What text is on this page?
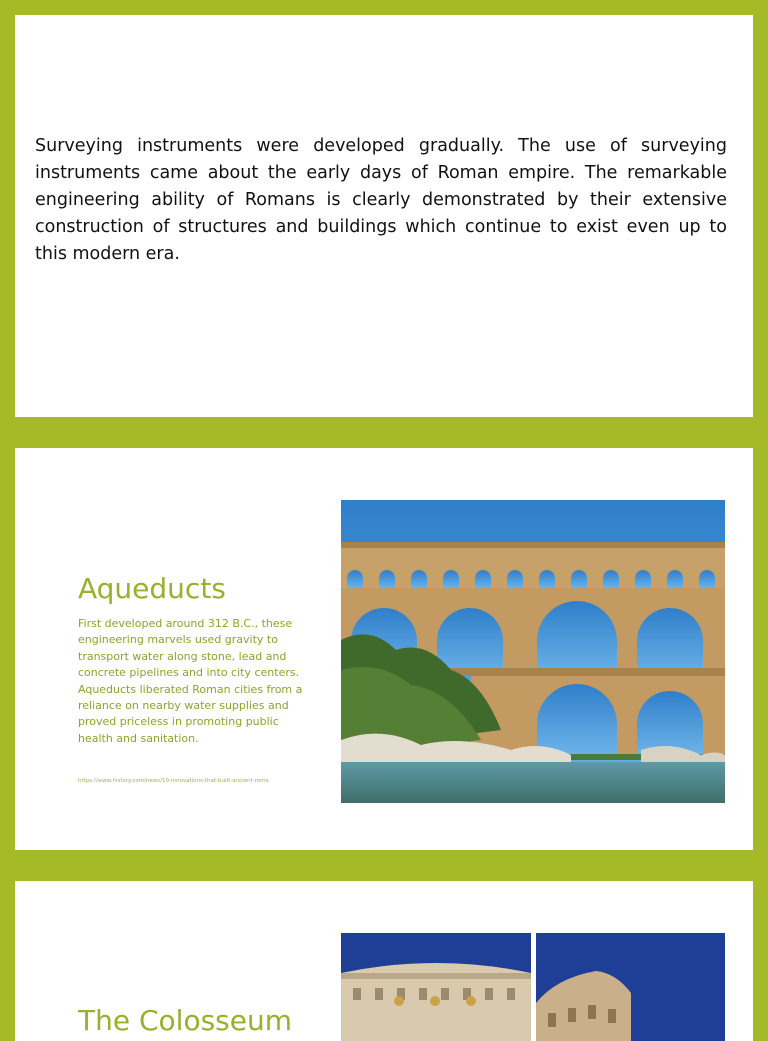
Surveying instruments were developed gradually. The use of surveying instruments came about the early days of Roman empire. The remarkable engineering ability of Romans is clearly demonstrated by their extensive construction of structures and buildings which continue to exist even up to this modern era.

Aqueducts

First developed around 312 B.C., these engineering marvels used gravity to transport water along stone, lead and concrete pipelines and into city centers. Aqueducts liberated Roman cities from a reliance on nearby water supplies and proved priceless in promoting public health and sanitation.

https://www.history.com/news/10-innovations-that-built-ancient-rome
The Colosseum
